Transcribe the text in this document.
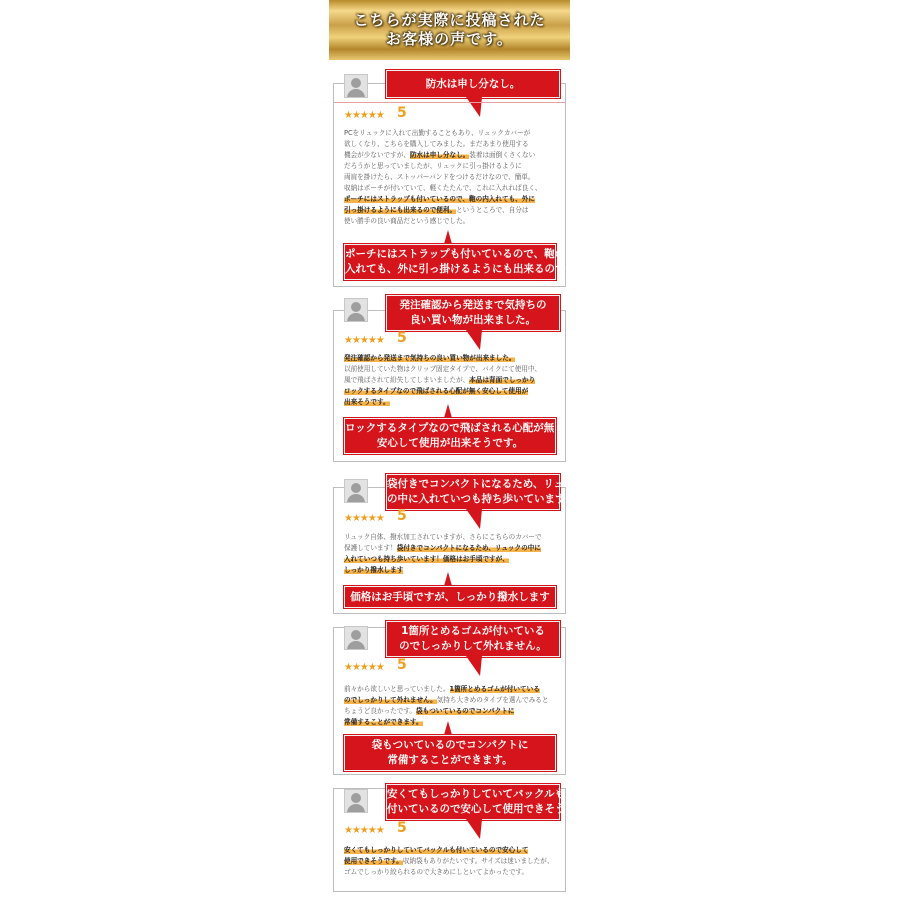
こちらが実際に投稿された
お客様の声です。
防水は申し分なし。
★★★★★ 5
PCをリュックに入れて出勤することもあり、リュックカバーが
欲しくなり、こちらを購入してみました。まだあまり使用する
機会が少ないですが、防水は申し分なし。装着は面倒くさくない
だろうかと思っていましたが、リュックに引っ掛けるように
両肩を掛けたら、ストッパーバンドをつけるだけなので、簡単。
収納はポーチが付いていて、軽くたたんで、これに入れれば良く、
ポーチにはストラップも付いているので、鞄の内入れても、外に
引っ掛けるようにも出来るので便利。というところで、自分は
使い勝手の良い商品だという感じでした。
ポーチにはストラップも付いているので、鞄の内
入れても、外に引っ掛けるようにも出来るので便利。
発注確認から発送まで気持ちの
良い買い物が出来ました。
★★★★★ 5
発注確認から発送まで気持ちの良い買い物が出来ました。
以前使用していた物はクリップ固定タイプで、バイクにて使用中、
風で飛ばされて紛失してしまいましたが、本品は背面でしっかり
ロックするタイプなので飛ばされる心配が無く安心して使用が
出来そうです。
ロックするタイプなので飛ばされる心配が無く
安心して使用が出来そうです。
袋付きでコンパクトになるため、リュック
の中に入れていつも持ち歩いています！
★★★★★ 5
リュック自体、撥水加工されていますが、さらにこちらのカバーで
保護しています！袋付きでコンパクトになるため、リュックの中に
入れていつも持ち歩いています！価格はお手頃ですが、
しっかり撥水します
価格はお手頃ですが、しっかり撥水します
1箇所とめるゴムが付いている
のでしっかりして外れません。
★★★★★ 5
前々から欲しいと思っていました。1箇所とめるゴムが付いている
のでしっかりして外れません。気持ち大きめのタイプを選んでみると
ちょうど良かったです。袋もついているのでコンパクトに
常備することができます。
袋もついているのでコンパクトに
常備することができます。
安くてもしっかりしていてバックルも
付いているので安心して使用できそうです
★★★★★ 5
安くてもしっかりしていてバックルも付いているので安心して
使用できそうです。収納袋もありがたいです。サイズは迷いましたが、
ゴムでしっかり絞られるので大きめにしといてよかったです。
